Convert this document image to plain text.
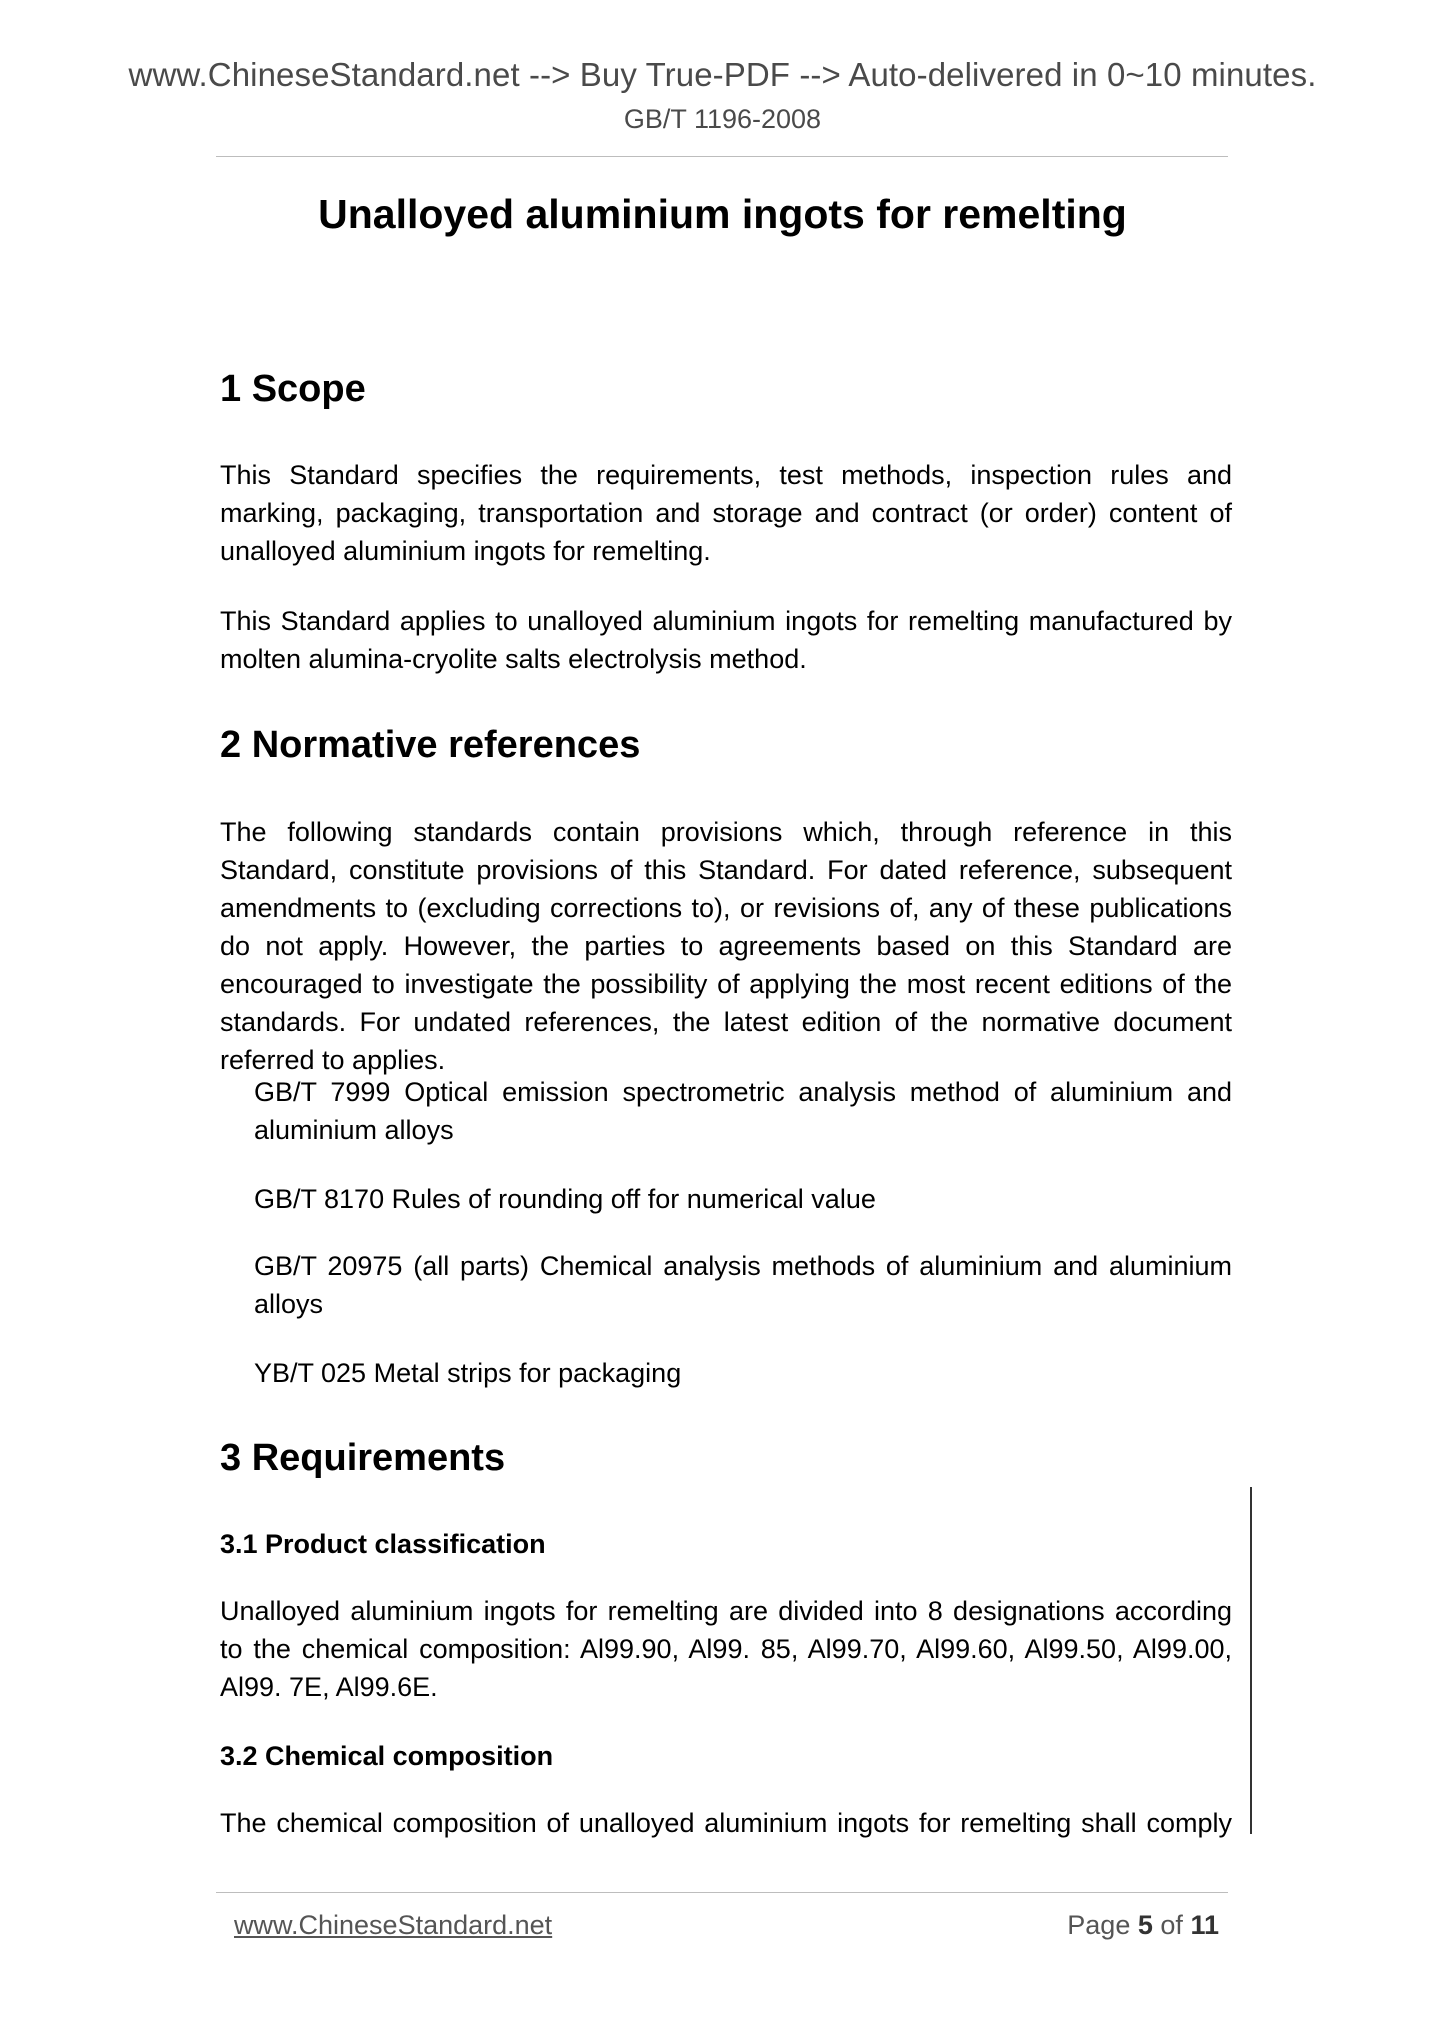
www.ChineseStandard.net --> Buy True-PDF --> Auto-delivered in 0~10 minutes.
GB/T 1196-2008
Unalloyed aluminium ingots for remelting
1 Scope
This Standard specifies the requirements, test methods, inspection rules and marking, packaging, transportation and storage and contract (or order) content of unalloyed aluminium ingots for remelting.
This Standard applies to unalloyed aluminium ingots for remelting manufactured by molten alumina-cryolite salts electrolysis method.
2 Normative references
The following standards contain provisions which, through reference in this Standard, constitute provisions of this Standard. For dated reference, subsequent amendments to (excluding corrections to), or revisions of, any of these publications do not apply. However, the parties to agreements based on this Standard are encouraged to investigate the possibility of applying the most recent editions of the standards. For undated references, the latest edition of the normative document referred to applies.
GB/T 7999 Optical emission spectrometric analysis method of aluminium and aluminium alloys
GB/T 8170 Rules of rounding off for numerical value
GB/T 20975 (all parts) Chemical analysis methods of aluminium and aluminium alloys
YB/T 025 Metal strips for packaging
3 Requirements
3.1 Product classification
Unalloyed aluminium ingots for remelting are divided into 8 designations according to the chemical composition: Al99.90, Al99. 85, Al99.70, Al99.60, Al99.50, Al99.00, Al99. 7E, Al99.6E.
3.2 Chemical composition
The chemical composition of unalloyed aluminium ingots for remelting shall comply
www.ChineseStandard.net	Page 5 of 11
